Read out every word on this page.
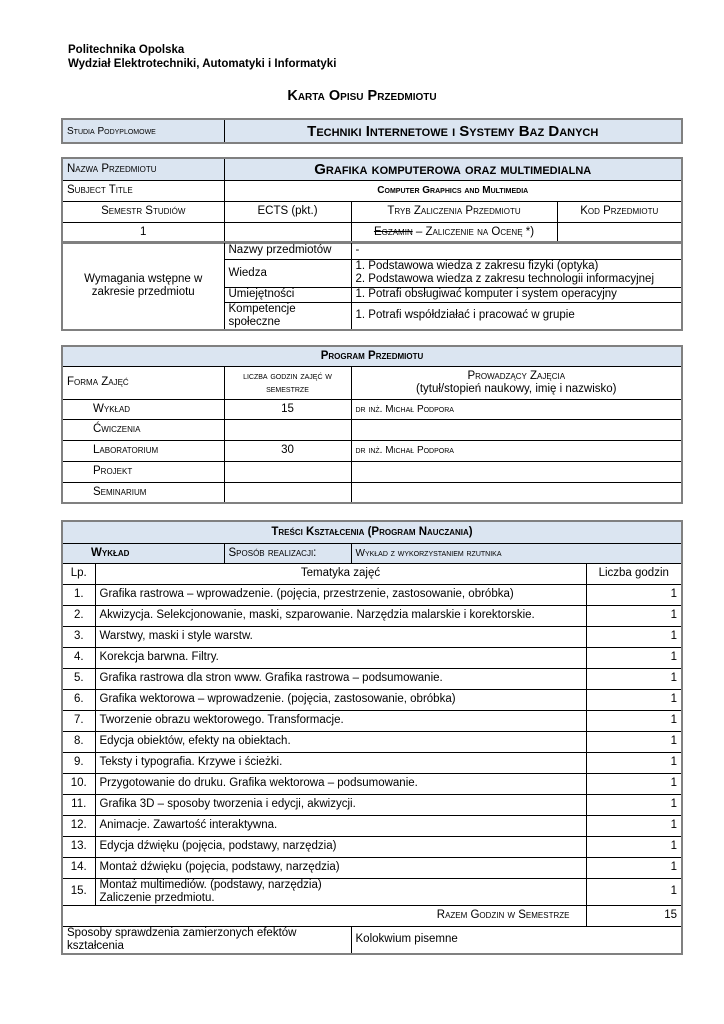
Politechnika Opolska
Wydział Elektrotechniki, Automatyki i Informatyki
Karta Opisu Przedmiotu
Studia Podyplomowe	Techniki Internetowe i Systemy Baz Danych
Nazwa Przedmiotu	Grafika komputerowa oraz multimedialna		
Subject Title	Computer Graphics and Multimedia		
Semestr Studiów	ECTS (pkt.)	Tryb Zaliczenia Przedmiotu	Kod Przedmiotu
1		Egzamin – Zaliczenie na Ocenę *)	
Wymagania wstępne w zakresie przedmiotu	Nazwy przedmiotów	-
	Wiedza	1. Podstawowa wiedza z zakresu fizyki (optyka)
2. Podstawowa wiedza z zakresu technologii informacyjnej

	Umiejętności	1. Potrafi obsługiwać komputer i system operacyjny
	Kompetencje społeczne	1. Potrafi współdziałać i pracować w grupie
Program Przedmiotu		
Forma Zajęć	liczba godzin zajęć w semestrze	Prowadzący Zajęcia
(tytuł/stopień naukowy, imię i nazwisko)

Wykład	15	dr inż. Michał Podpora
Ćwiczenia		
Laboratorium	30	dr inż. Michał Podpora
Projekt		
Seminarium		
Treści Kształcenia (Program Nauczania)				
Wykład		Sposób realizacji:	Wykład z wykorzystaniem rzutnika	
Lp.	Tematyka zajęć			Liczba godzin
1.	Grafika rastrowa – wprowadzenie. (pojęcia, przestrzenie, zastosowanie, obróbka)			1
2.	Akwizycja. Selekcjonowanie, maski, szparowanie. Narzędzia malarskie i korektorskie.			1
3.	Warstwy, maski i style warstw.			1
4.	Korekcja barwna. Filtry.			1
5.	Grafika rastrowa dla stron www. Grafika rastrowa – podsumowanie.			1
6.	Grafika wektorowa – wprowadzenie. (pojęcia, zastosowanie, obróbka)			1
7.	Tworzenie obrazu wektorowego. Transformacje.			1
8.	Edycja obiektów, efekty na obiektach.			1
9.	Teksty i typografia. Krzywe i ścieżki.			1
10.	Przygotowanie do druku. Grafika wektorowa – podsumowanie.			1
11.	Grafika 3D – sposoby tworzenia i edycji, akwizycji.			1
12.	Animacje. Zawartość interaktywna.			1
13.	Edycja dźwięku (pojęcia, podstawy, narzędzia)			1
14.	Montaż dźwięku (pojęcia, podstawy, narzędzia)			1
15.	Montaż multimediów. (podstawy, narzędzia)
Zaliczenie przedmiotu.			1
Razem Godzin w Semestrze				15
Sposoby sprawdzenia zamierzonych efektów kształcenia			Kolokwium pisemne	
